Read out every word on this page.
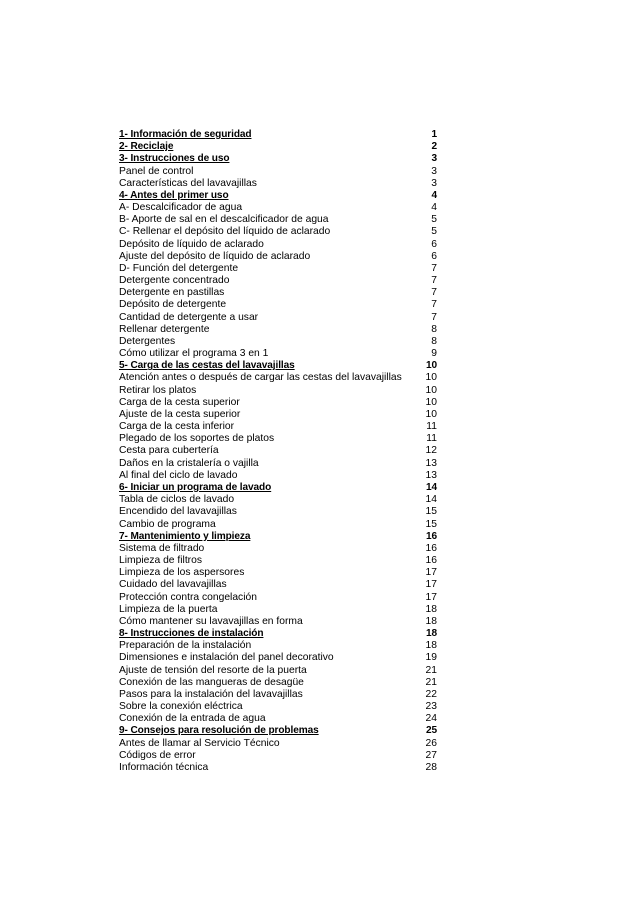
1- Información de seguridad	1
2- Reciclaje	2
3- Instrucciones de uso	3
Panel de control	3
Características del lavavajillas	3
4- Antes del primer uso	4
A- Descalcificador de agua	4
B- Aporte de sal en el descalcificador de agua	5
C- Rellenar el depósito del líquido de aclarado	5
Depósito de líquido de aclarado	6
Ajuste del depósito de líquido de aclarado	6
D- Función del detergente	7
Detergente concentrado	7
Detergente en pastillas	7
Depósito de detergente	7
Cantidad de detergente a usar	7
Rellenar detergente	8
Detergentes	8
Cómo utilizar el programa 3 en 1	9
5- Carga de las cestas del lavavajillas	10
Atención antes o después de cargar las cestas del lavavajillas 10
Retirar los platos	10
Carga de la cesta superior	10
Ajuste de la cesta superior	10
Carga de la cesta inferior	11
Plegado de los soportes de platos	11
Cesta para cubertería	12
Daños en la cristalería o vajilla	13
Al final del ciclo de lavado	13
6- Iniciar un programa de lavado	14
Tabla de ciclos de lavado	14
Encendido del lavavajillas	15
Cambio de programa	15
7- Mantenimiento y limpieza	16
Sistema de filtrado	16
Limpieza de filtros	16
Limpieza de los aspersores	17
Cuidado del lavavajillas	17
Protección contra congelación	17
Limpieza de la puerta	18
Cómo mantener su lavavajillas en forma	18
8- Instrucciones de instalación	18
Preparación de la instalación	18
Dimensiones e instalación del panel decorativo	19
Ajuste de tensión del resorte de la puerta	21
Conexión de las mangueras de desagüe	21
Pasos para la instalación del lavavajillas	22
Sobre la conexión eléctrica	23
Conexión de la entrada de agua	24
9- Consejos para resolución de problemas	25
Antes de llamar al Servicio Técnico	26
Códigos de error	27
Información técnica	28
